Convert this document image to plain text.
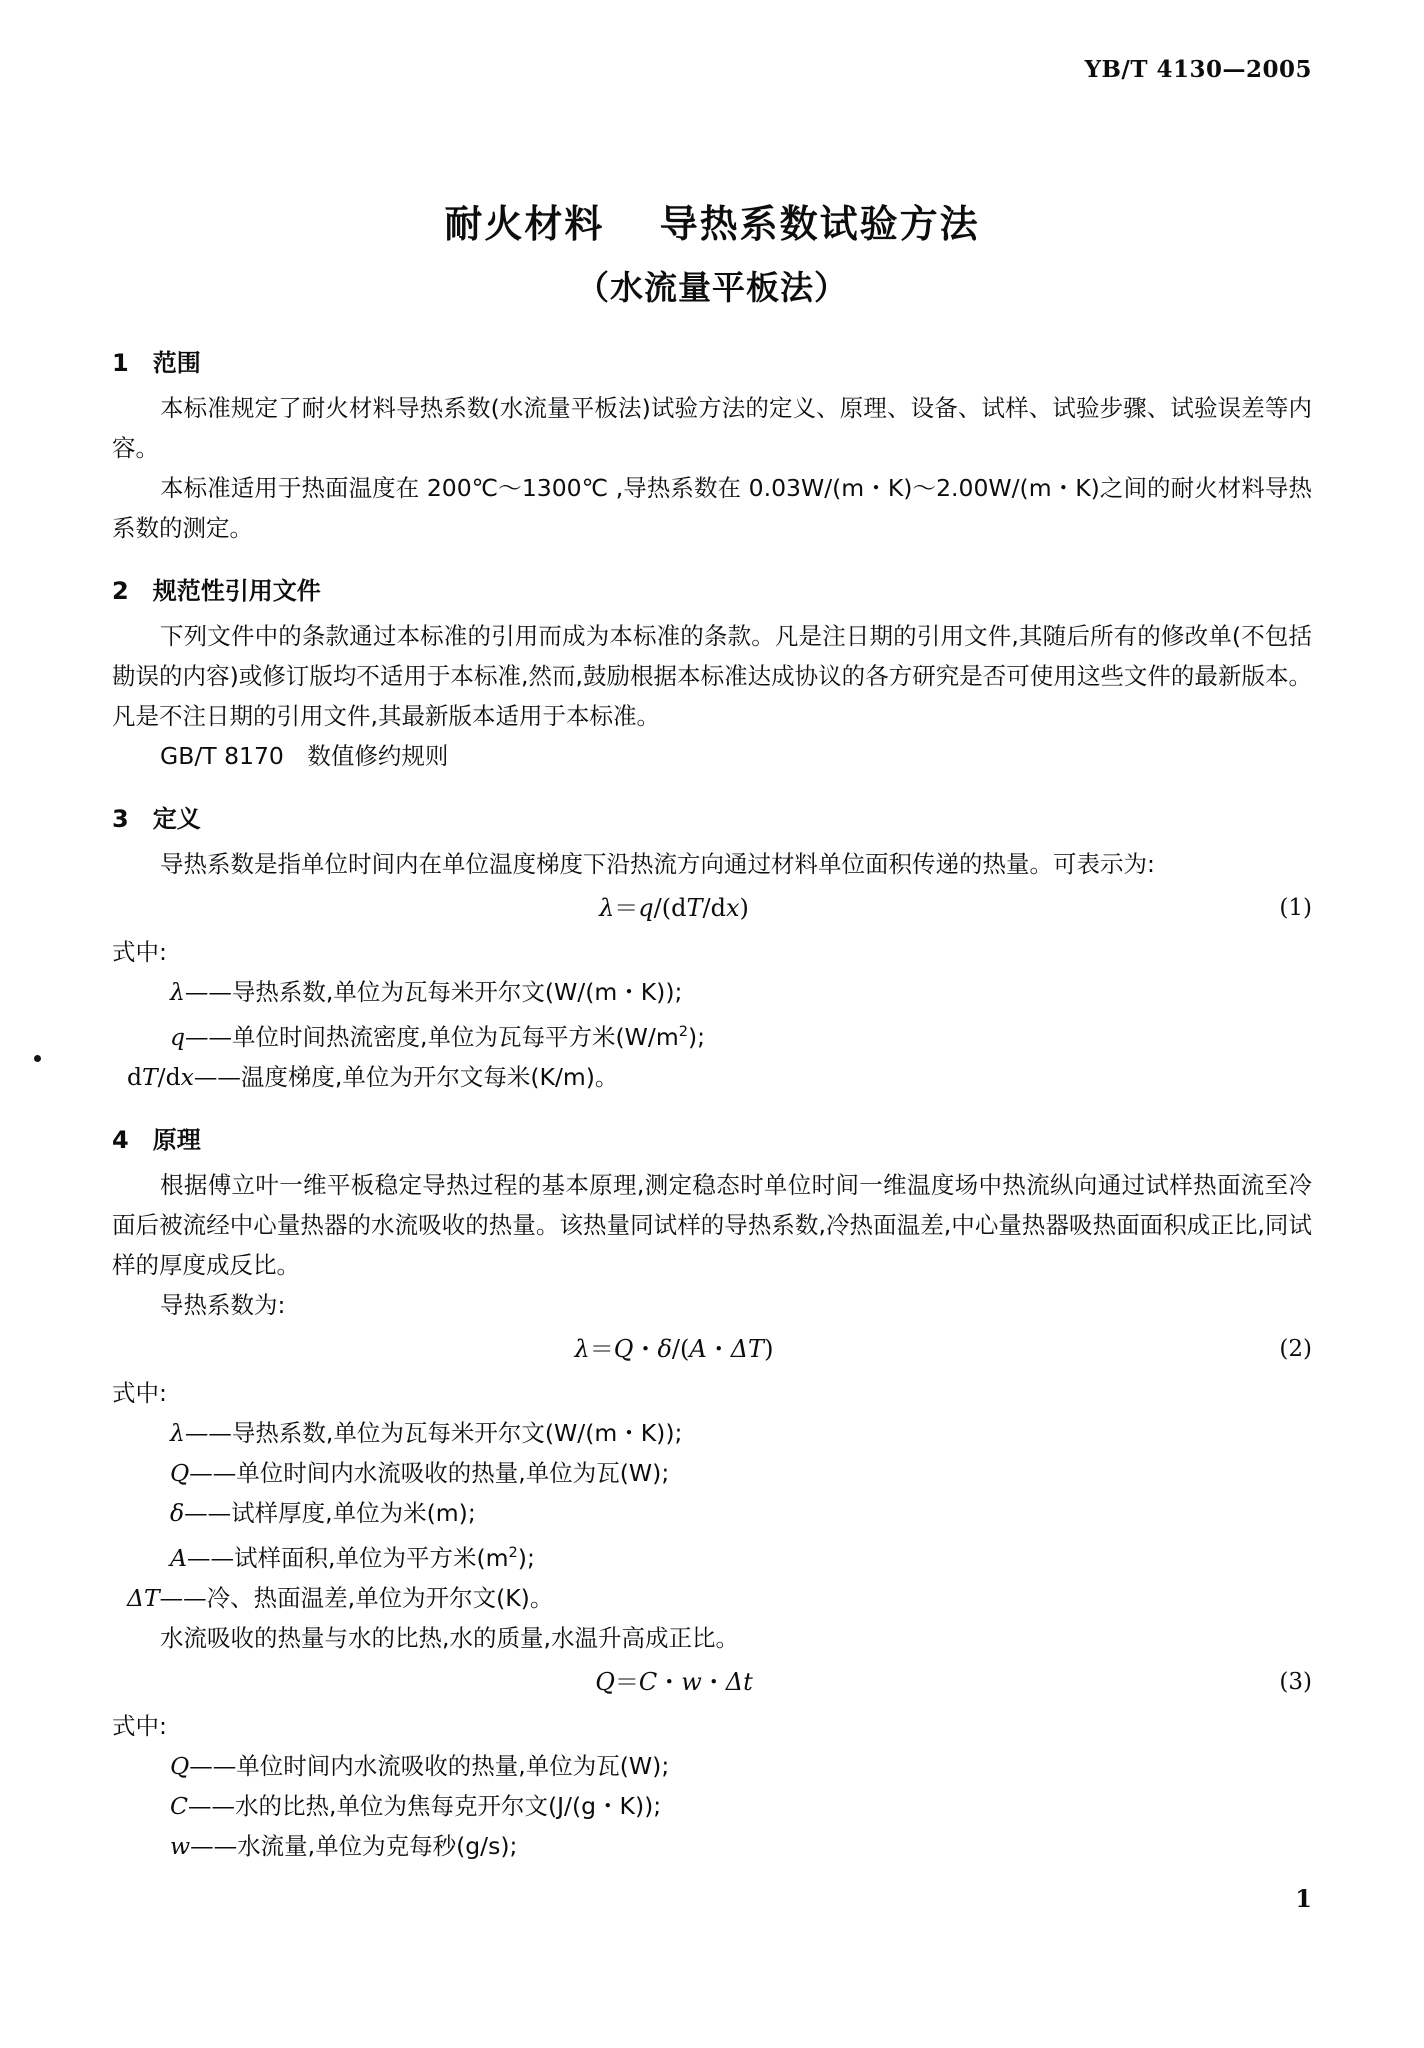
YB/T 4130—2005
耐火材料　 导热系数试验方法
（水流量平板法）
1　范围

本标准规定了耐火材料导热系数(水流量平板法)试验方法的定义、原理、设备、试样、试验步骤、试验误差等内容。

本标准适用于热面温度在 200℃～1300℃ ,导热系数在 0.03W/(m・K)～2.00W/(m・K)之间的耐火材料导热系数的测定。

2　规范性引用文件

下列文件中的条款通过本标准的引用而成为本标准的条款。凡是注日期的引用文件,其随后所有的修改单(不包括勘误的内容)或修订版均不适用于本标准,然而,鼓励根据本标准达成协议的各方研究是否可使用这些文件的最新版本。凡是不注日期的引用文件,其最新版本适用于本标准。

GB/T 8170　数值修约规则

3　定义

导热系数是指单位时间内在单位温度梯度下沿热流方向通过材料单位面积传递的热量。可表示为:

λ＝q/(dT/dx)	(1)

式中:

λ——导热系数,单位为瓦每米开尔文(W/(m・K));
q——单位时间热流密度,单位为瓦每平方米$(W/m^2)$;
dT/dx——温度梯度,单位为开尔文每米(K/m)。
4　原理

根据傅立叶一维平板稳定导热过程的基本原理,测定稳态时单位时间一维温度场中热流纵向通过试样热面流至冷面后被流经中心量热器的水流吸收的热量。该热量同试样的导热系数,冷热面温差,中心量热器吸热面面积成正比,同试样的厚度成反比。

导热系数为:

λ＝Q・δ/(A・ΔT)	(2)

式中:

λ——导热系数,单位为瓦每米开尔文(W/(m・K));
Q——单位时间内水流吸收的热量,单位为瓦(W);
δ——试样厚度,单位为米(m);
A——试样面积,单位为平方米$(m^2)$;
ΔT——冷、热面温差,单位为开尔文(K)。

水流吸收的热量与水的比热,水的质量,水温升高成正比。

Q＝C・w・Δt	(3)

式中:

Q——单位时间内水流吸收的热量,单位为瓦(W);
C——水的比热,单位为焦每克开尔文(J/(g・K));
w——水流量,单位为克每秒(g/s);
1
